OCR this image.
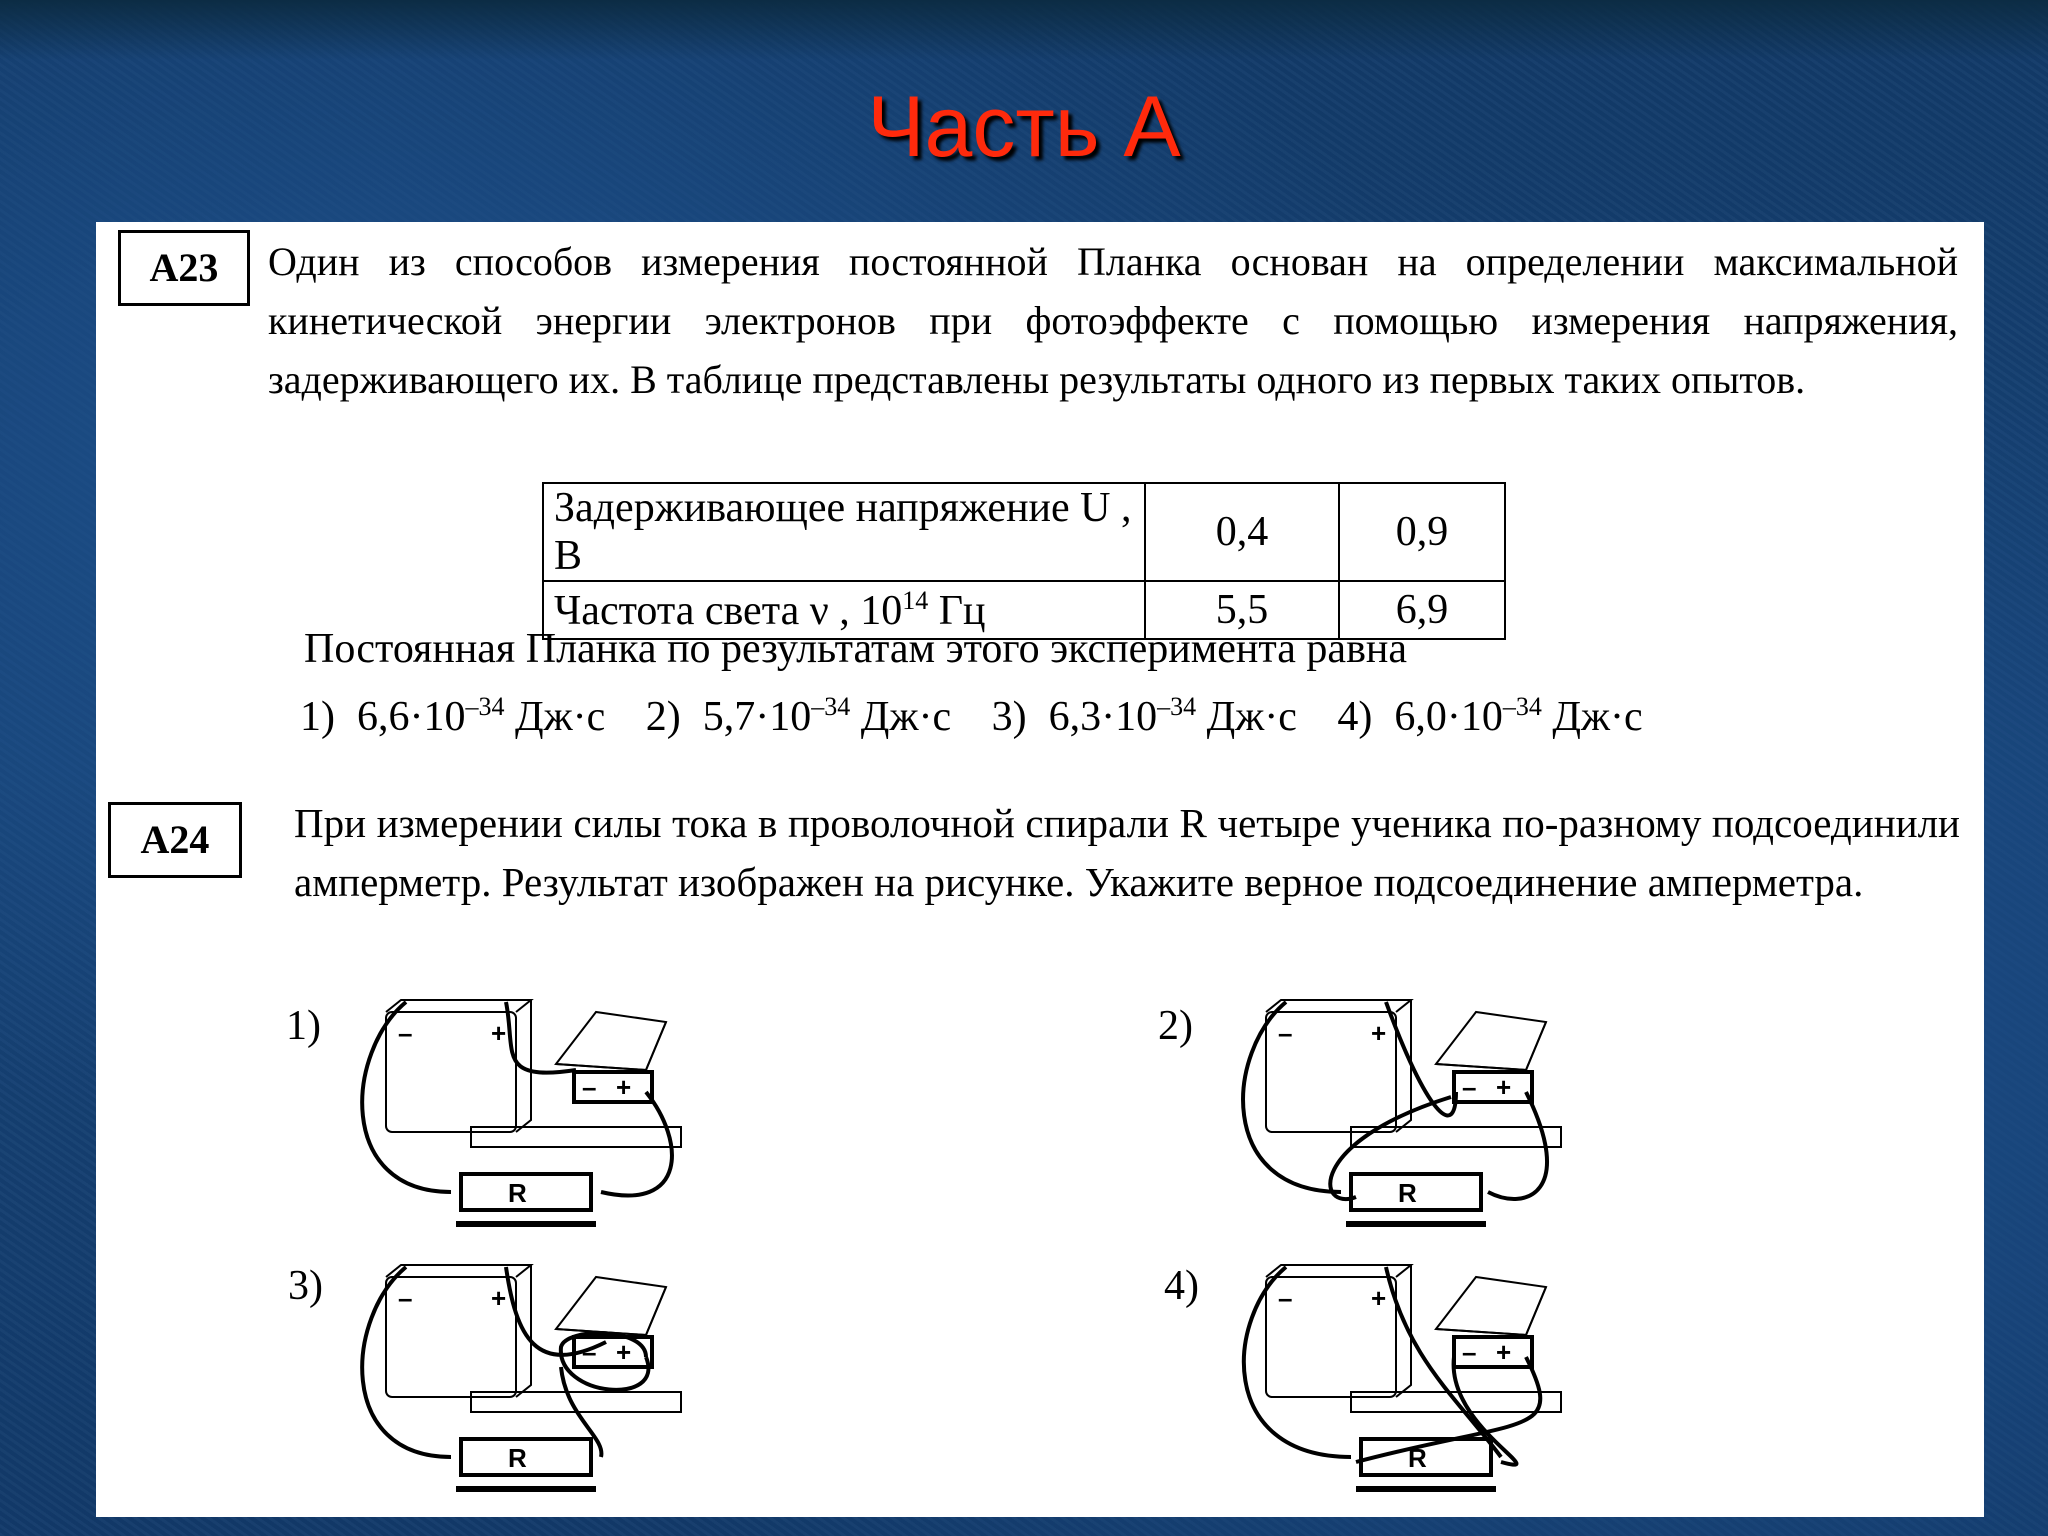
Часть А
А23	Один из способов измерения постоянной Планка основан на определении максимальной кинетической энергии электронов при фотоэффекте с помощью измерения напряжения, задерживающего их. В таблице представлены результаты одного из первых таких опытов.

Задерживающее напряжение U , В	0,4	0,9
Частота света ν , $10^{14}$ Гц	5,5	6,9

Постоянная Планка по результатам этого эксперимента равна

1) $6,6\cdot 10^{-34}$ Дж·с 2) $5,7\cdot 10^{-34}$ Дж·с 3) $6,3\cdot 10^{-34}$ Дж·с 4) $6,0\cdot 10^{-34}$ Дж·с
А24	При измерении силы тока в проволочной спирали R четыре ученика по-разному подсоединили амперметр. Результат изображен на рисунке. Укажите верное подсоединение амперметра.

1)	2)
3)	4)
–	+
– +
R
–	+
– +
R
–	+
– +
R
–	+
– +
R
